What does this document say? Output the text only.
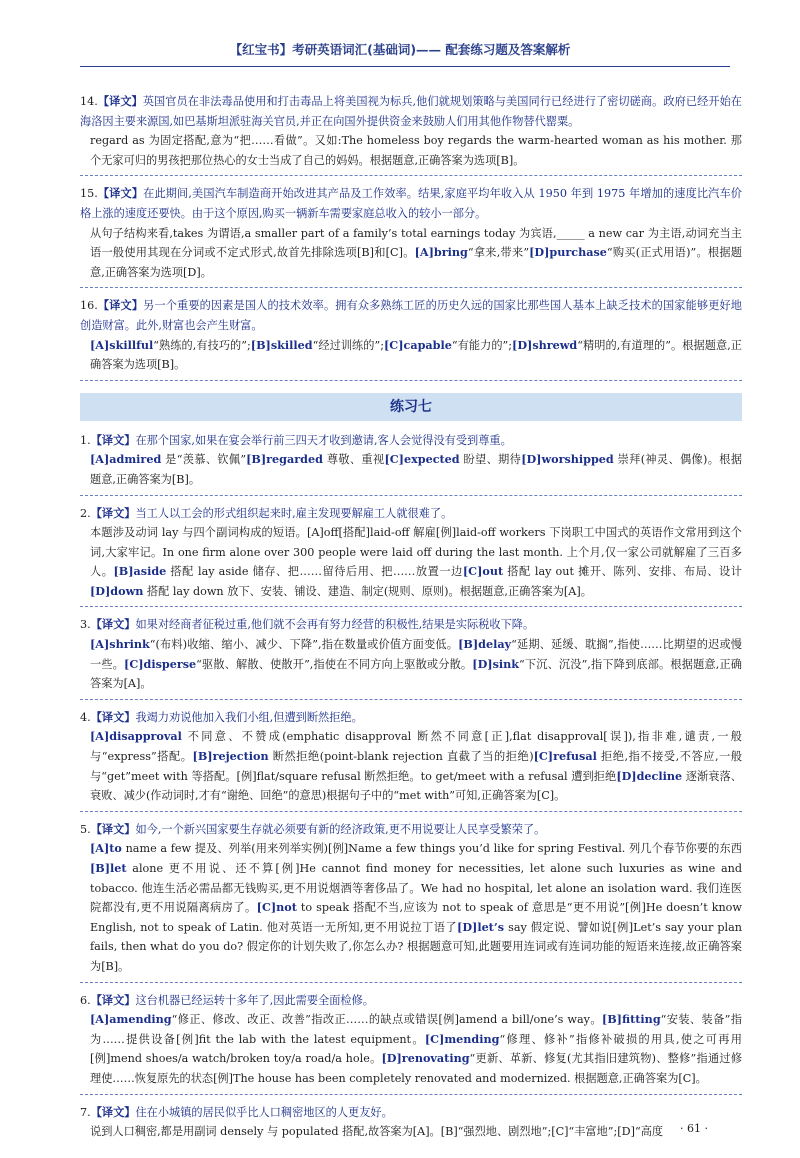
【红宝书】考研英语词汇(基础词)—— 配套练习题及答案解析

14.【译文】英国官员在非法毒品使用和打击毒品上将美国视为标兵,他们就规划策略与美国同行已经进行了密切磋商。政府已经开始在海洛因主要来源国,如巴基斯坦派驻海关官员,并正在向国外提供资金来鼓励人们用其他作物替代罂粟。

regard as 为固定搭配,意为“把……看做”。又如:The homeless boy regards the warm-hearted woman as his mother. 那个无家可归的男孩把那位热心的女士当成了自己的妈妈。根据题意,正确答案为选项[B]。

15.【译文】在此期间,美国汽车制造商开始改进其产品及工作效率。结果,家庭平均年收入从 1950 年到 1975 年增加的速度比汽车价格上涨的速度还要快。由于这个原因,购买一辆新车需要家庭总收入的较小一部分。

从句子结构来看,takes 为谓语,a smaller part of a family’s total earnings today 为宾语,_____ a new car 为主语,动词充当主语一般使用其现在分词或不定式形式,故首先排除选项[B]和[C]。[A]bring“拿来,带来”[D]purchase“购买(正式用语)”。根据题意,正确答案为选项[D]。

16.【译文】另一个重要的因素是国人的技术效率。拥有众多熟练工匠的历史久远的国家比那些国人基本上缺乏技术的国家能够更好地创造财富。此外,财富也会产生财富。

[A]skillful“熟练的,有技巧的”;[B]skilled“经过训练的”;[C]capable“有能力的”;[D]shrewd“精明的,有道理的”。根据题意,正确答案为选项[B]。

练习七

1.【译文】在那个国家,如果在宴会举行前三四天才收到邀请,客人会觉得没有受到尊重。

[A]admired 是“羡慕、钦佩”[B]regarded 尊敬、重视[C]expected 盼望、期待[D]worshipped 崇拜(神灵、偶像)。根据题意,正确答案为[B]。

2.【译文】当工人以工会的形式组织起来时,雇主发现要解雇工人就很难了。

本题涉及动词 lay 与四个副词构成的短语。[A]off[搭配]laid-off 解雇[例]laid-off workers 下岗职工中国式的英语作文常用到这个词,大家牢记。In one firm alone over 300 people were laid off during the last month. 上个月,仅一家公司就解雇了三百多人。[B]aside 搭配 lay aside 储存、把……留待后用、把……放置一边[C]out 搭配 lay out 摊开、陈列、安排、布局、设计[D]down 搭配 lay down 放下、安装、铺设、建造、制定(规则、原则)。根据题意,正确答案为[A]。

3.【译文】如果对经商者征税过重,他们就不会再有努力经营的积极性,结果是实际税收下降。

[A]shrink“(布料)收缩、缩小、减少、下降”,指在数量或价值方面变低。[B]delay“延期、延缓、耽搁”,指使……比期望的迟或慢一些。[C]disperse“驱散、解散、使散开”,指使在不同方向上驱散或分散。[D]sink“下沉、沉没”,指下降到底部。根据题意,正确答案为[A]。

4.【译文】我竭力劝说他加入我们小组,但遭到断然拒绝。

[A]disapproval 不同意、不赞成(emphatic disapproval 断然不同意[正],flat disapproval[误]),指非难,谴责,一般与“express”搭配。[B]rejection 断然拒绝(point-blank rejection 直截了当的拒绝)[C]refusal 拒绝,指不接受,不答应,一般与“get”meet with 等搭配。[例]flat/square refusal 断然拒绝。to get/meet with a refusal 遭到拒绝[D]decline 逐渐衰落、衰败、减少(作动词时,才有“谢绝、回绝”的意思)根据句子中的“met with”可知,正确答案为[C]。

5.【译文】如今,一个新兴国家要生存就必须要有新的经济政策,更不用说要让人民享受繁荣了。

[A]to name a few 提及、列举(用来列举实例)[例]Name a few things you’d like for spring Festival. 列几个春节你要的东西[B]let alone 更不用说、还不算[例]He cannot find money for necessities, let alone such luxuries as wine and tobacco. 他连生活必需品都无钱购买,更不用说烟酒等奢侈品了。We had no hospital, let alone an isolation ward. 我们连医院都没有,更不用说隔离病房了。[C]not to speak 搭配不当,应该为 not to speak of 意思是“更不用说”[例]He doesn’t know English, not to speak of Latin. 他对英语一无所知,更不用说拉丁语了[D]let’s say 假定说、譬如说[例]Let’s say your plan fails, then what do you do? 假定你的计划失败了,你怎么办? 根据题意可知,此题要用连词或有连词功能的短语来连接,故正确答案为[B]。

6.【译文】这台机器已经运转十多年了,因此需要全面检修。

[A]amending“修正、修改、改正、改善”指改正……的缺点或错误[例]amend a bill/one’s way。[B]fitting“安装、装备”指为……提供设备[例]fit the lab with the latest equipment。[C]mending“修理、修补”指修补破损的用具,使之可再用[例]mend shoes/a watch/broken toy/a road/a hole。[D]renovating“更新、革新、修复(尤其指旧建筑物)、整修”指通过修理使……恢复原先的状态[例]The house has been completely renovated and modernized. 根据题意,正确答案为[C]。

7.【译文】住在小城镇的居民似乎比人口稠密地区的人更友好。

说到人口稠密,都是用副词 densely 与 populated 搭配,故答案为[A]。[B]“强烈地、剧烈地”;[C]“丰富地”;[D]“高度	· 61 ·
